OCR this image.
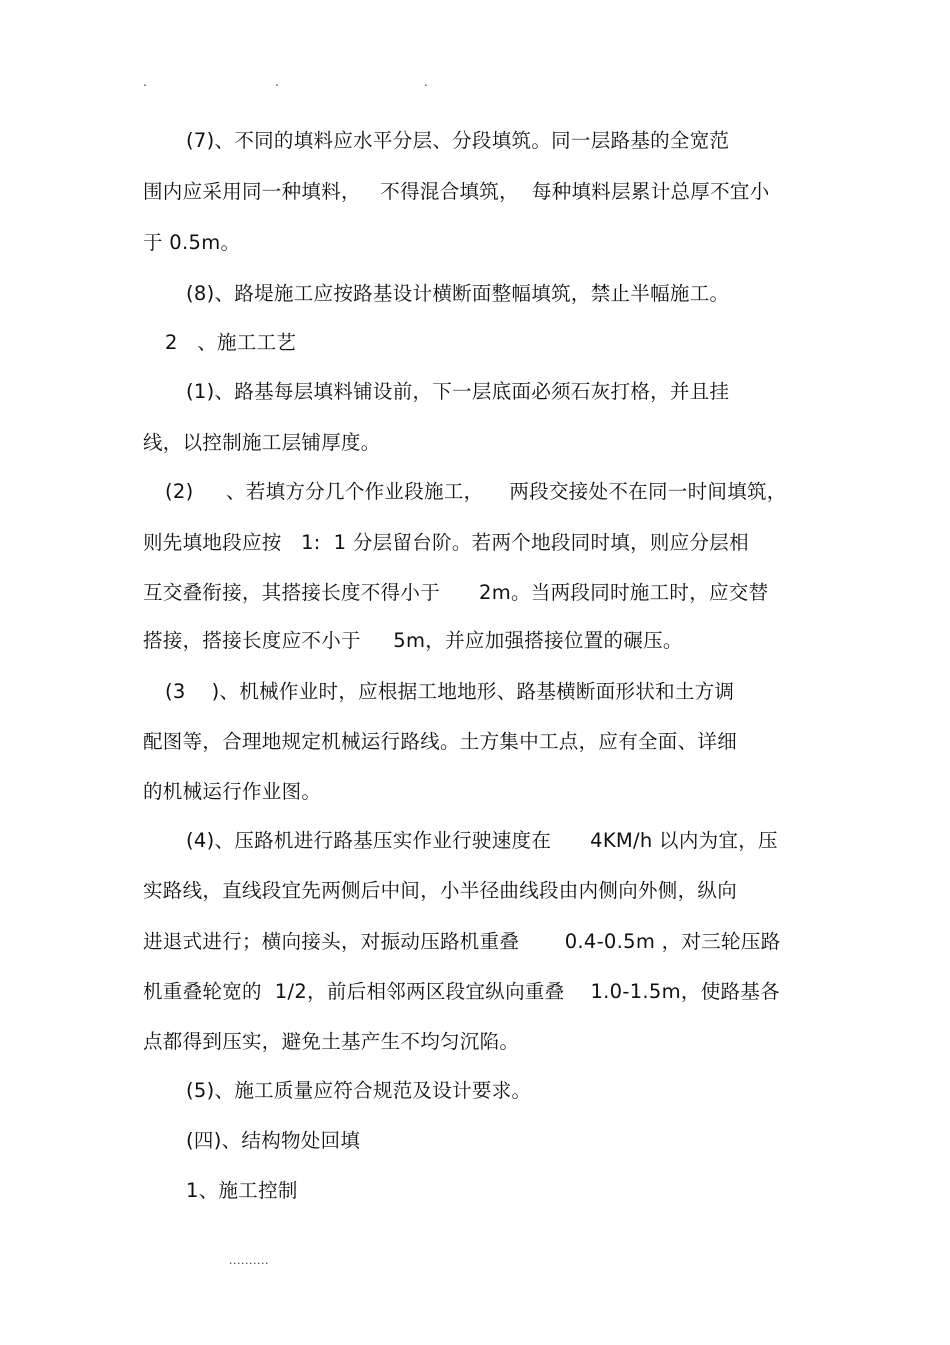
.	.	.
(7)、不同的填料应水平分层、分段填筑。同一层路基的全宽范
围内应采用同一种填料，   不得混合填筑，  每种填料层累计总厚不宜小
于 0.5m。
(8)、路堤施工应按路基设计横断面整幅填筑，禁止半幅施工。
2   、施工工艺
(1)、路基每层填料铺设前，下一层底面必须石灰打格，并且挂
线，以控制施工层铺厚度。
(2)     、若填方分几个作业段施工，    两段交接处不在同一时间填筑，
则先填地段应按   1:  1 分层留台阶。若两个地段同时填，则应分层相
互交叠衔接，其搭接长度不得小于      2m。当两段同时施工时，应交替
搭接，搭接长度应不小于     5m，并应加强搭接位置的碾压。
(3    )、机械作业时，应根据工地地形、路基横断面形状和土方调
配图等，合理地规定机械运行路线。土方集中工点，应有全面、详细
的机械运行作业图。
(4)、压路机进行路基压实作业行驶速度在      4KM/h 以内为宜，压
实路线，直线段宜先两侧后中间，小半径曲线段由内侧向外侧，纵向
进退式进行；横向接头，对振动压路机重叠       0.4-0.5m ，对三轮压路
机重叠轮宽的  1/2，前后相邻两区段宜纵向重叠    1.0-1.5m，使路基各
点都得到压实，避免土基产生不均匀沉陷。
(5)、施工质量应符合规范及设计要求。
(四)、结构物处回填
1、施工控制
..........
